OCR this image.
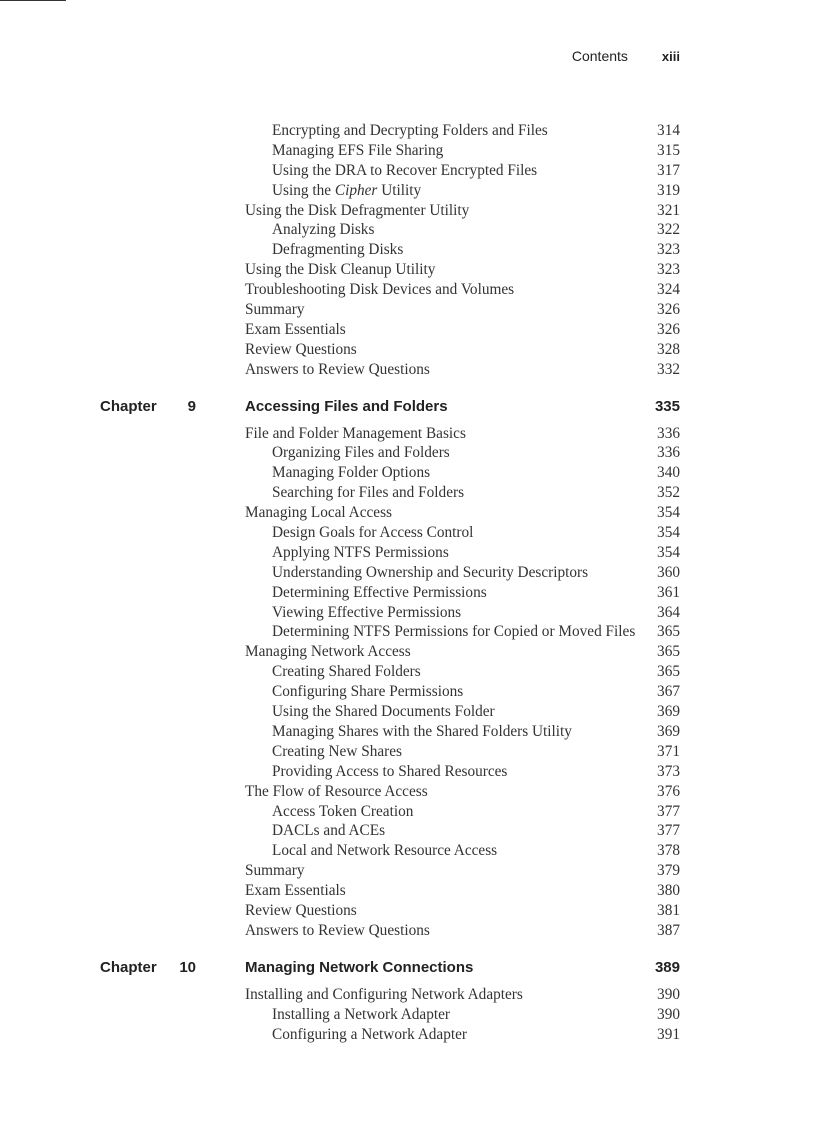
Contents	xiii
Encrypting and Decrypting Folders and Files	314
Managing EFS File Sharing	315
Using the DRA to Recover Encrypted Files	317
Using the Cipher Utility	319
Using the Disk Defragmenter Utility	321
Analyzing Disks	322
Defragmenting Disks	323
Using the Disk Cleanup Utility	323
Troubleshooting Disk Devices and Volumes	324
Summary	326
Exam Essentials	326
Review Questions	328
Answers to Review Questions	332
Chapter	9	Accessing Files and Folders	335
File and Folder Management Basics	336
Organizing Files and Folders	336
Managing Folder Options	340
Searching for Files and Folders	352
Managing Local Access	354
Design Goals for Access Control	354
Applying NTFS Permissions	354
Understanding Ownership and Security Descriptors	360
Determining Effective Permissions	361
Viewing Effective Permissions	364
Determining NTFS Permissions for Copied or Moved Files 365
Managing Network Access	365
Creating Shared Folders	365
Configuring Share Permissions	367
Using the Shared Documents Folder	369
Managing Shares with the Shared Folders Utility	369
Creating New Shares	371
Providing Access to Shared Resources	373
The Flow of Resource Access	376
Access Token Creation	377
DACLs and ACEs	377
Local and Network Resource Access	378
Summary	379
Exam Essentials	380
Review Questions	381
Answers to Review Questions	387
Chapter 10	Managing Network Connections	389
Installing and Configuring Network Adapters	390
Installing a Network Adapter	390
Configuring a Network Adapter	391
